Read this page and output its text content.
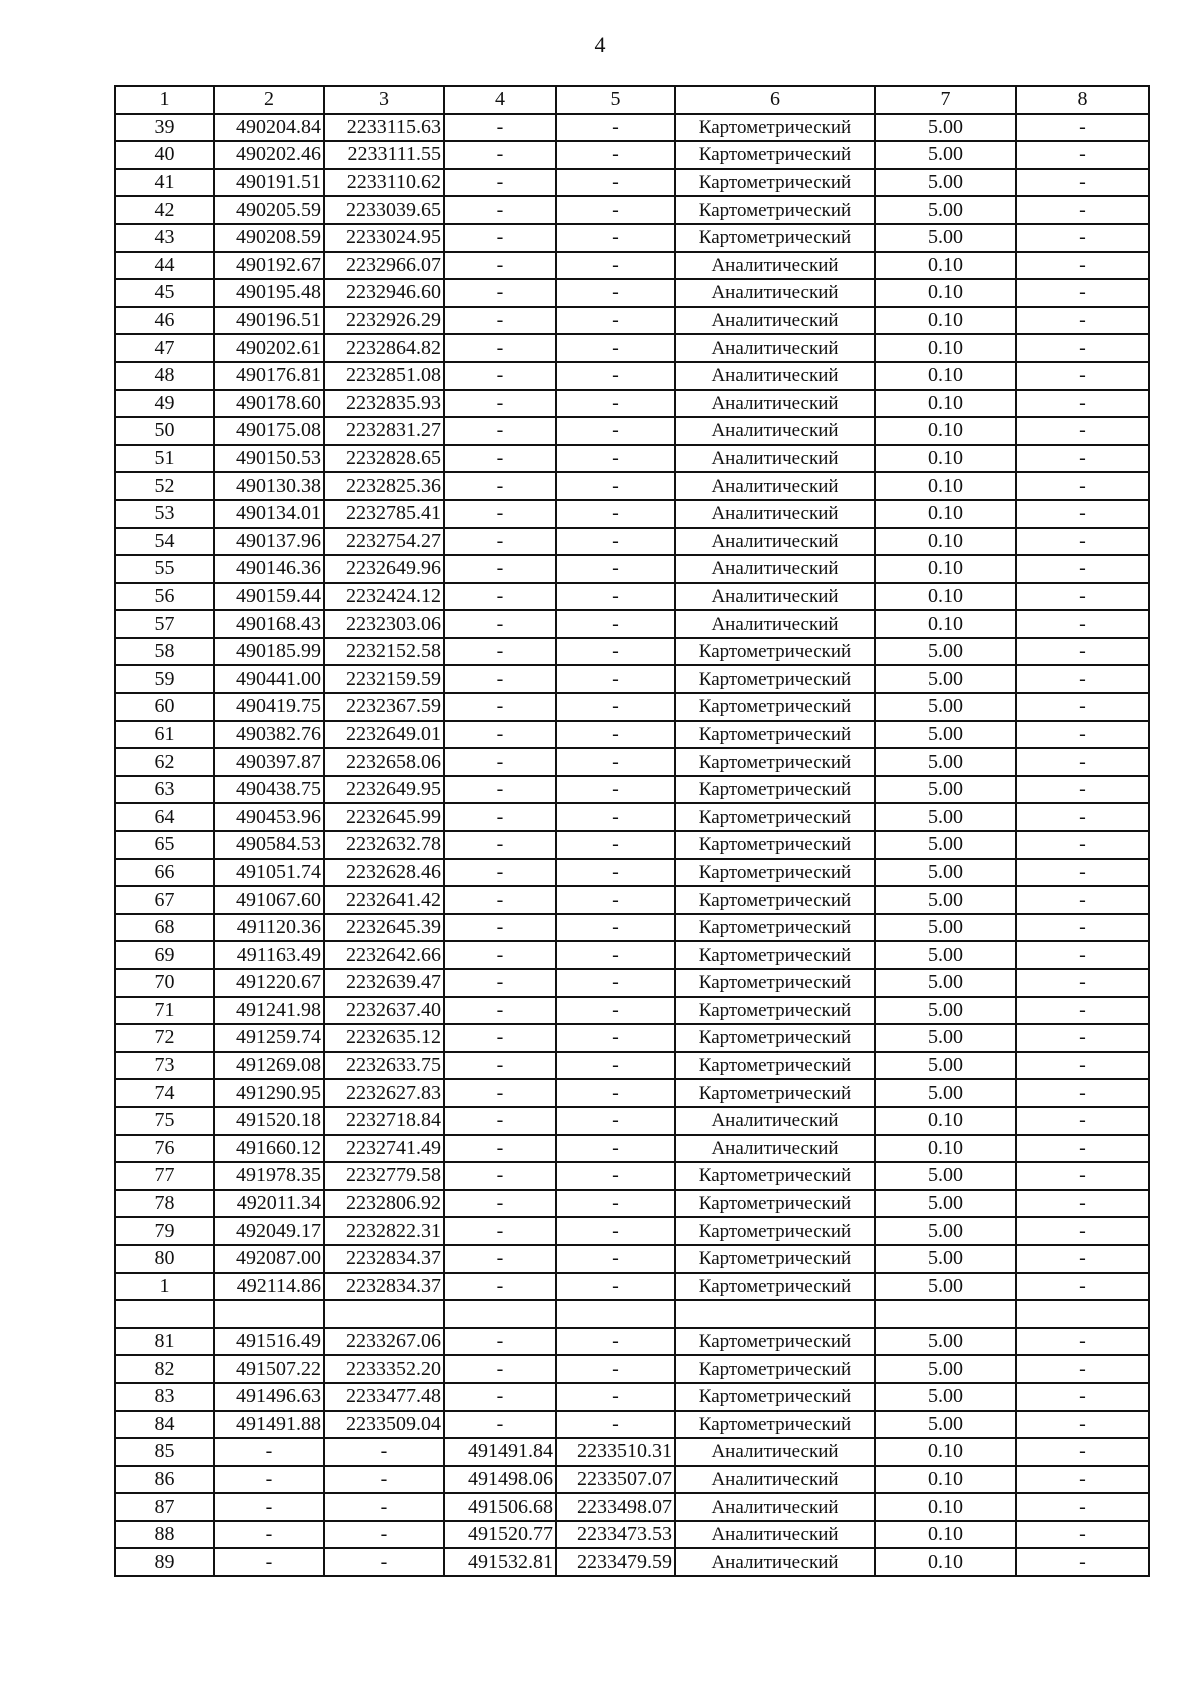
4
1	2	3	4	5	6	7	8
39	490204.84	2233115.63	-	-	Картометрический	5.00	-
40	490202.46	2233111.55	-	-	Картометрический	5.00	-
41	490191.51	2233110.62	-	-	Картометрический	5.00	-
42	490205.59	2233039.65	-	-	Картометрический	5.00	-
43	490208.59	2233024.95	-	-	Картометрический	5.00	-
44	490192.67	2232966.07	-	-	Аналитический	0.10	-
45	490195.48	2232946.60	-	-	Аналитический	0.10	-
46	490196.51	2232926.29	-	-	Аналитический	0.10	-
47	490202.61	2232864.82	-	-	Аналитический	0.10	-
48	490176.81	2232851.08	-	-	Аналитический	0.10	-
49	490178.60	2232835.93	-	-	Аналитический	0.10	-
50	490175.08	2232831.27	-	-	Аналитический	0.10	-
51	490150.53	2232828.65	-	-	Аналитический	0.10	-
52	490130.38	2232825.36	-	-	Аналитический	0.10	-
53	490134.01	2232785.41	-	-	Аналитический	0.10	-
54	490137.96	2232754.27	-	-	Аналитический	0.10	-
55	490146.36	2232649.96	-	-	Аналитический	0.10	-
56	490159.44	2232424.12	-	-	Аналитический	0.10	-
57	490168.43	2232303.06	-	-	Аналитический	0.10	-
58	490185.99	2232152.58	-	-	Картометрический	5.00	-
59	490441.00	2232159.59	-	-	Картометрический	5.00	-
60	490419.75	2232367.59	-	-	Картометрический	5.00	-
61	490382.76	2232649.01	-	-	Картометрический	5.00	-
62	490397.87	2232658.06	-	-	Картометрический	5.00	-
63	490438.75	2232649.95	-	-	Картометрический	5.00	-
64	490453.96	2232645.99	-	-	Картометрический	5.00	-
65	490584.53	2232632.78	-	-	Картометрический	5.00	-
66	491051.74	2232628.46	-	-	Картометрический	5.00	-
67	491067.60	2232641.42	-	-	Картометрический	5.00	-
68	491120.36	2232645.39	-	-	Картометрический	5.00	-
69	491163.49	2232642.66	-	-	Картометрический	5.00	-
70	491220.67	2232639.47	-	-	Картометрический	5.00	-
71	491241.98	2232637.40	-	-	Картометрический	5.00	-
72	491259.74	2232635.12	-	-	Картометрический	5.00	-
73	491269.08	2232633.75	-	-	Картометрический	5.00	-
74	491290.95	2232627.83	-	-	Картометрический	5.00	-
75	491520.18	2232718.84	-	-	Аналитический	0.10	-
76	491660.12	2232741.49	-	-	Аналитический	0.10	-
77	491978.35	2232779.58	-	-	Картометрический	5.00	-
78	492011.34	2232806.92	-	-	Картометрический	5.00	-
79	492049.17	2232822.31	-	-	Картометрический	5.00	-
80	492087.00	2232834.37	-	-	Картометрический	5.00	-
1	492114.86	2232834.37	-	-	Картометрический	5.00	-

81	491516.49	2233267.06	-	-	Картометрический	5.00	-
82	491507.22	2233352.20	-	-	Картометрический	5.00	-
83	491496.63	2233477.48	-	-	Картометрический	5.00	-
84	491491.88	2233509.04	-	-	Картометрический	5.00	-
85	-	-	491491.84	2233510.31	Аналитический	0.10	-
86	-	-	491498.06	2233507.07	Аналитический	0.10	-
87	-	-	491506.68	2233498.07	Аналитический	0.10	-
88	-	-	491520.77	2233473.53	Аналитический	0.10	-
89	-	-	491532.81	2233479.59	Аналитический	0.10	-
